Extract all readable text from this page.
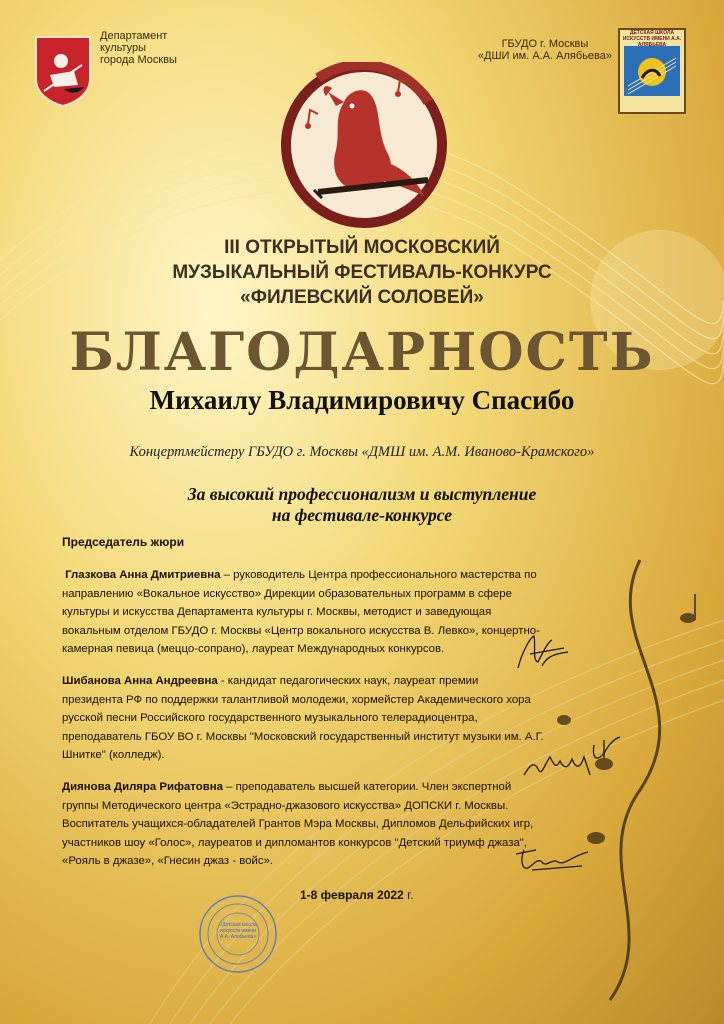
Департамент
культуры
города Москвы
ГБУДО г. Москвы
«ДШИ им. А.А. Алябьева»
ДЕТСКАЯ ШКОЛА ИСКУССТВ ИМЕНИ А.А. АЛЯБЬЕВА
III ОТКРЫТЫЙ МОСКОВСКИЙ
МУЗЫКАЛЬНЫЙ ФЕСТИВАЛЬ-КОНКУРС
«ФИЛЕВСКИЙ СОЛОВЕЙ»
БЛАГОДАРНОСТЬ
Михаилу Владимировичу Спасибо
Концертмейстеру ГБУДО г. Москвы «ДМШ им. А.М. Иваново-Крамского»
За высокий профессионализм и выступление
на фестивале-конкурсе
Председатель жюри
Глазкова Анна Дмитриевна – руководитель Центра профессионального мастерства по
направлению «Вокальное искусство» Дирекции образовательных программ в сфере
культуры и искусства Департамента культуры г. Москвы, методист и заведующая
вокальным отделом ГБУДО г. Москвы «Центр вокального искусства В. Левко», концертно-
камерная певица (меццо-сопрано), лауреат Международных конкурсов.
Шибанова Анна Андреевна - кандидат педагогических наук, лауреат премии
президента РФ по поддержки талантливой молодежи, хормейстер Академического хора
русской песни Российского государственного музыкального телерадиоцентра,
преподаватель ГБОУ ВО г. Москвы "Московский государственный институт музыки им. А.Г.
Шнитке" (колледж).
Диянова Диляра Рифатовна – преподаватель высшей категории. Член экспертной
группы Методического центра «Эстрадно-джазового искусства» ДОПСКИ г. Москвы.
Воспитатель учащихся-обладателей Грантов Мэра Москвы, Дипломов Дельфийских игр,
участников шоу «Голос», лауреатов и дипломантов конкурсов "Детский триумф джаза",
«Рояль в джазе», «Гнесин джаз - войс».
1-8 февраля 2022 г.
«Детская школа искусств имени А.А. Алябьева»
